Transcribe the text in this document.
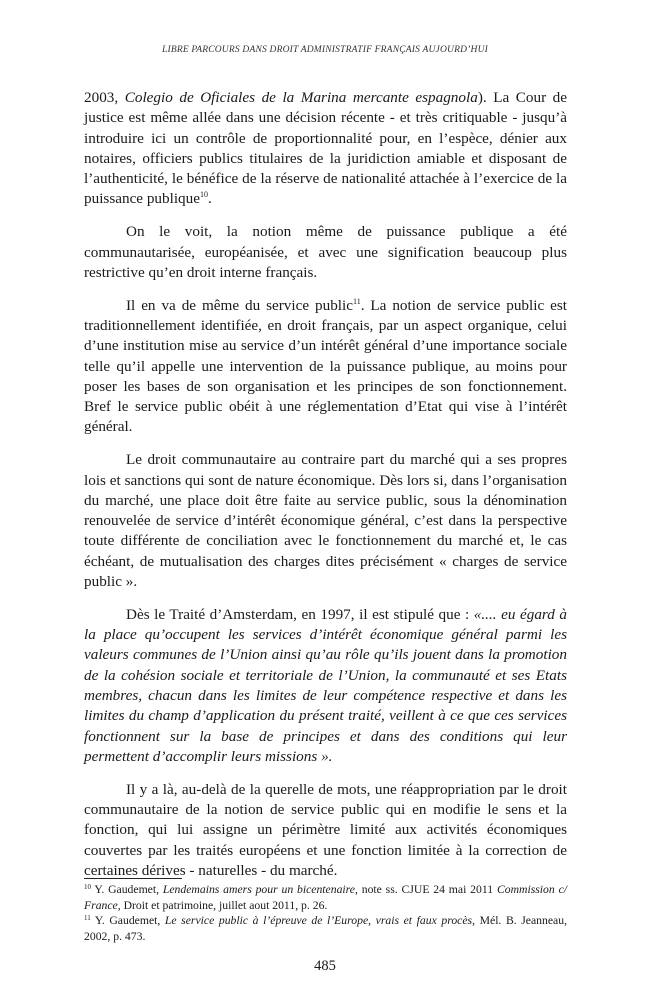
LIBRE PARCOURS DANS DROIT ADMINISTRATIF FRANÇAIS AUJOURD’HUI

2003, Colegio de Oficiales de la Marina mercante espagnola). La Cour de justice est même allée dans une décision récente - et très critiquable - jusqu’à introduire ici un contrôle de proportionnalité pour, en l’espèce, dénier aux notaires, officiers publics titulaires de la juridiction amiable et disposant de l’authenticité, le bénéfice de la réserve de nationalité attachée à l’exercice de la puissance publique$^{10}$.

On le voit, la notion même de puissance publique a été communautarisée, européanisée, et avec une signification beaucoup plus restrictive qu’en droit interne français.

Il en va de même du service public$^{11}$. La notion de service public est traditionnellement identifiée, en droit français, par un aspect organique, celui d’une institution mise au service d’un intérêt général d’une importance sociale telle qu’il appelle une intervention de la puissance publique, au moins pour poser les bases de son organisation et les principes de son fonctionnement. Bref le service public obéit à une réglementation d’Etat qui vise à l’intérêt général.

Le droit communautaire au contraire part du marché qui a ses propres lois et sanctions qui sont de nature économique. Dès lors si, dans l’organisation du marché, une place doit être faite au service public, sous la dénomination renouvelée de service d’intérêt économique général, c’est dans la perspective toute différente de conciliation avec le fonctionnement du marché et, le cas échéant, de mutualisation des charges dites précisément « charges de service public ».

Dès le Traité d’Amsterdam, en 1997, il est stipulé que : «.... eu égard à la place qu’occupent les services d’intérêt économique général parmi les valeurs communes de l’Union ainsi qu’au rôle qu’ils jouent dans la promotion de la cohésion sociale et territoriale de l’Union, la communauté et ses Etats membres, chacun dans les limites de leur compétence respective et dans les limites du champ d’application du présent traité, veillent à ce que ces services fonctionnent sur la base de principes et dans des conditions qui leur permettent d’accomplir leurs missions ».

Il y a là, au-delà de la querelle de mots, une réappropriation par le droit communautaire de la notion de service public qui en modifie le sens et la fonction, qui lui assigne un périmètre limité aux activités économiques couvertes par les traités européens et une fonction limitée à la correction de certaines dérives - naturelles - du marché.

$^{10}$ Y. Gaudemet, Lendemains amers pour un bicentenaire, note ss. CJUE 24 mai 2011 Commission c/ France, Droit et patrimoine, juillet aout 2011, p. 26.

$^{11}$ Y. Gaudemet, Le service public à l’épreuve de l’Europe, vrais et faux procès, Mél. B. Jeanneau, 2002, p. 473.

485
